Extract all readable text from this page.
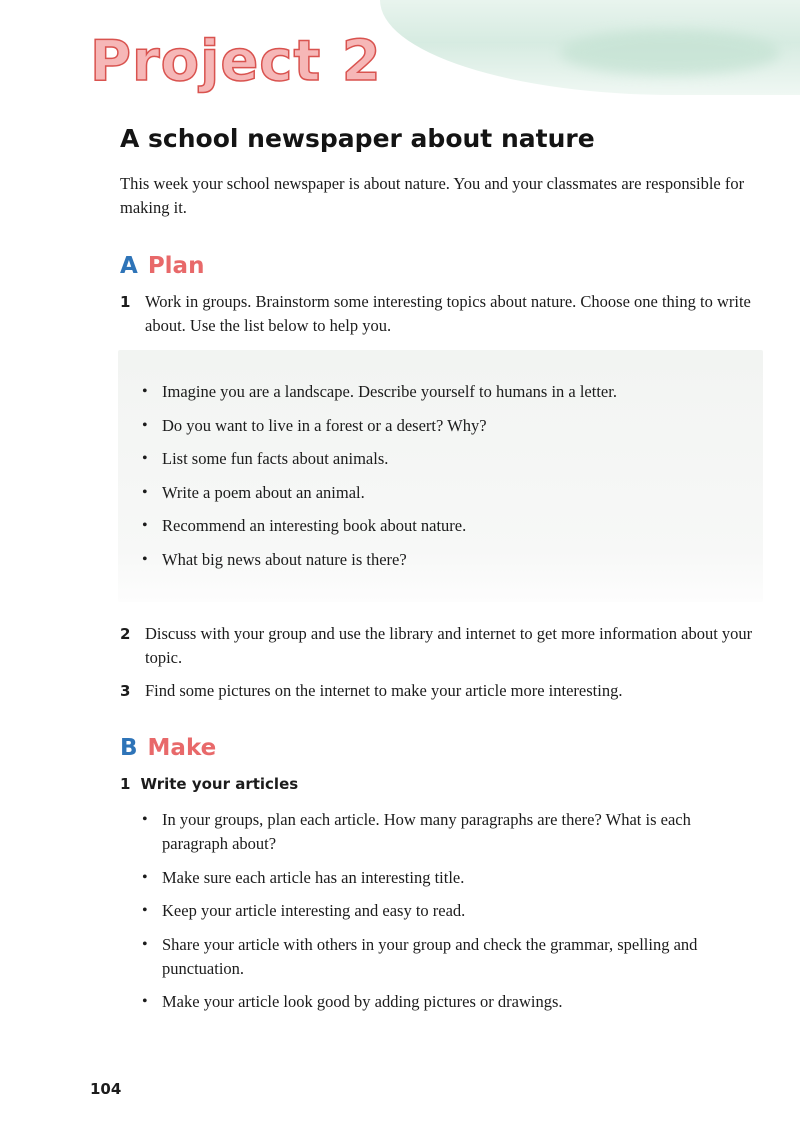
Project 2
A school newspaper about nature

This week your school newspaper is about nature. You and your classmates are responsible for making it.

A Plan
1 Work in groups. Brainstorm some interesting topics about nature. Choose one thing to write about. Use the list below to help you.
• Imagine you are a landscape. Describe yourself to humans in a letter.
• Do you want to live in a forest or a desert? Why?
• List some fun facts about animals.
• Write a poem about an animal.
• Recommend an interesting book about nature.
• What big news about nature is there?
2 Discuss with your group and use the library and internet to get more information about your topic.
3 Find some pictures on the internet to make your article more interesting.
B Make
1 Write your articles
• In your groups, plan each article. How many paragraphs are there? What is each paragraph about?
• Make sure each article has an interesting title.
• Keep your article interesting and easy to read.
• Share your article with others in your group and check the grammar, spelling and punctuation.
• Make your article look good by adding pictures or drawings.
104
